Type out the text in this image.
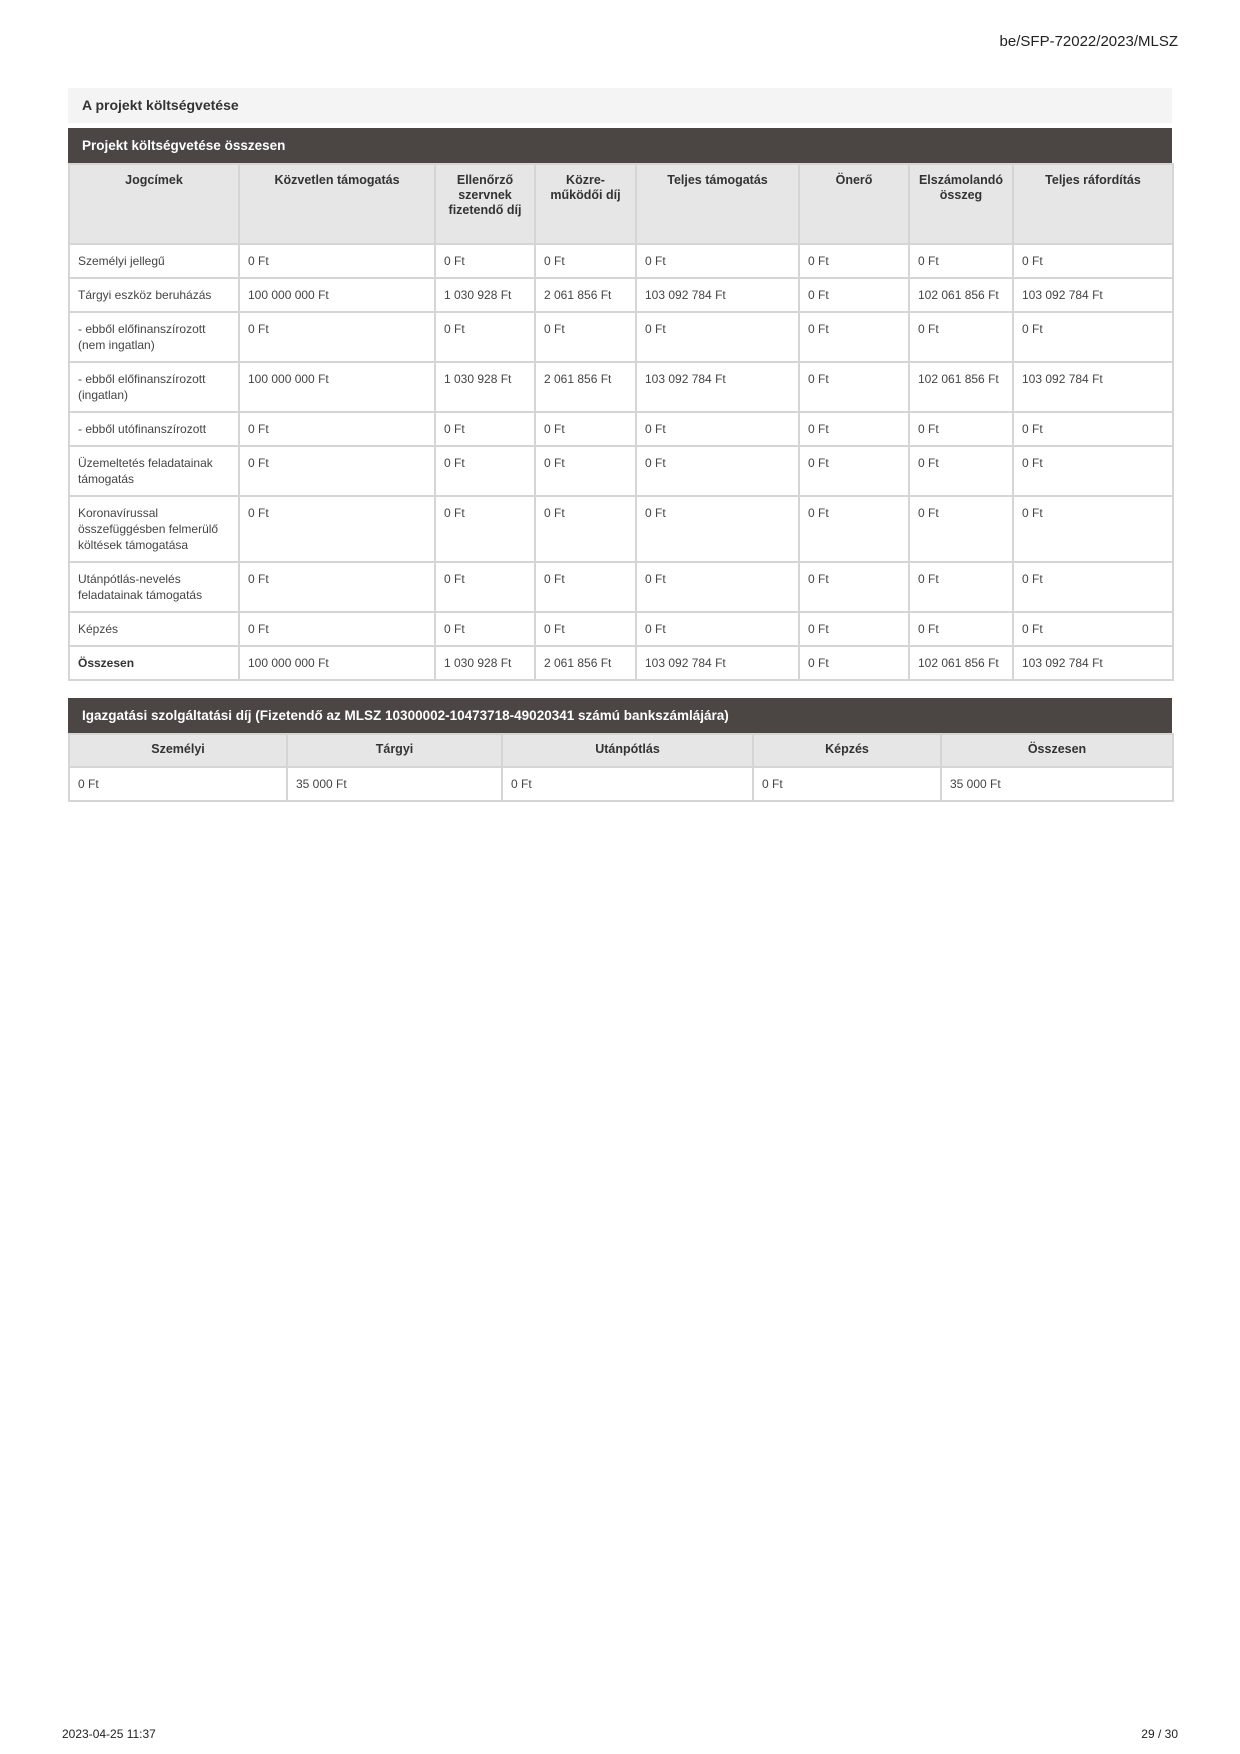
be/SFP-72022/2023/MLSZ
A projekt költségvetése
Projekt költségvetése összesen
Jogcímek	Közvetlen támogatás	Ellenőrző szervnek fizetendő díj	Közre-működői díj	Teljes támogatás	Önerő	Elszámolandó összeg	Teljes ráfordítás
Személyi jellegű	0 Ft	0 Ft	0 Ft	0 Ft	0 Ft	0 Ft	0 Ft
Tárgyi eszköz beruházás	100 000 000 Ft	1 030 928 Ft	2 061 856 Ft	103 092 784 Ft	0 Ft	102 061 856 Ft	103 092 784 Ft
- ebből előfinanszírozott (nem ingatlan)	0 Ft	0 Ft	0 Ft	0 Ft	0 Ft	0 Ft	0 Ft
- ebből előfinanszírozott (ingatlan)	100 000 000 Ft	1 030 928 Ft	2 061 856 Ft	103 092 784 Ft	0 Ft	102 061 856 Ft	103 092 784 Ft
- ebből utófinanszírozott	0 Ft	0 Ft	0 Ft	0 Ft	0 Ft	0 Ft	0 Ft
Üzemeltetés feladatainak támogatás	0 Ft	0 Ft	0 Ft	0 Ft	0 Ft	0 Ft	0 Ft
Koronavírussal összefüggésben felmerülő költések támogatása	0 Ft	0 Ft	0 Ft	0 Ft	0 Ft	0 Ft	0 Ft
Utánpótlás-nevelés feladatainak támogatás	0 Ft	0 Ft	0 Ft	0 Ft	0 Ft	0 Ft	0 Ft
Képzés	0 Ft	0 Ft	0 Ft	0 Ft	0 Ft	0 Ft	0 Ft
Összesen	100 000 000 Ft	1 030 928 Ft	2 061 856 Ft	103 092 784 Ft	0 Ft	102 061 856 Ft	103 092 784 Ft
Igazgatási szolgáltatási díj (Fizetendő az MLSZ 10300002-10473718-49020341 számú bankszámlájára)
Személyi	Tárgyi	Utánpótlás	Képzés	Összesen
0 Ft	35 000 Ft	0 Ft	0 Ft	35 000 Ft
2023-04-25 11:37	29 / 30
